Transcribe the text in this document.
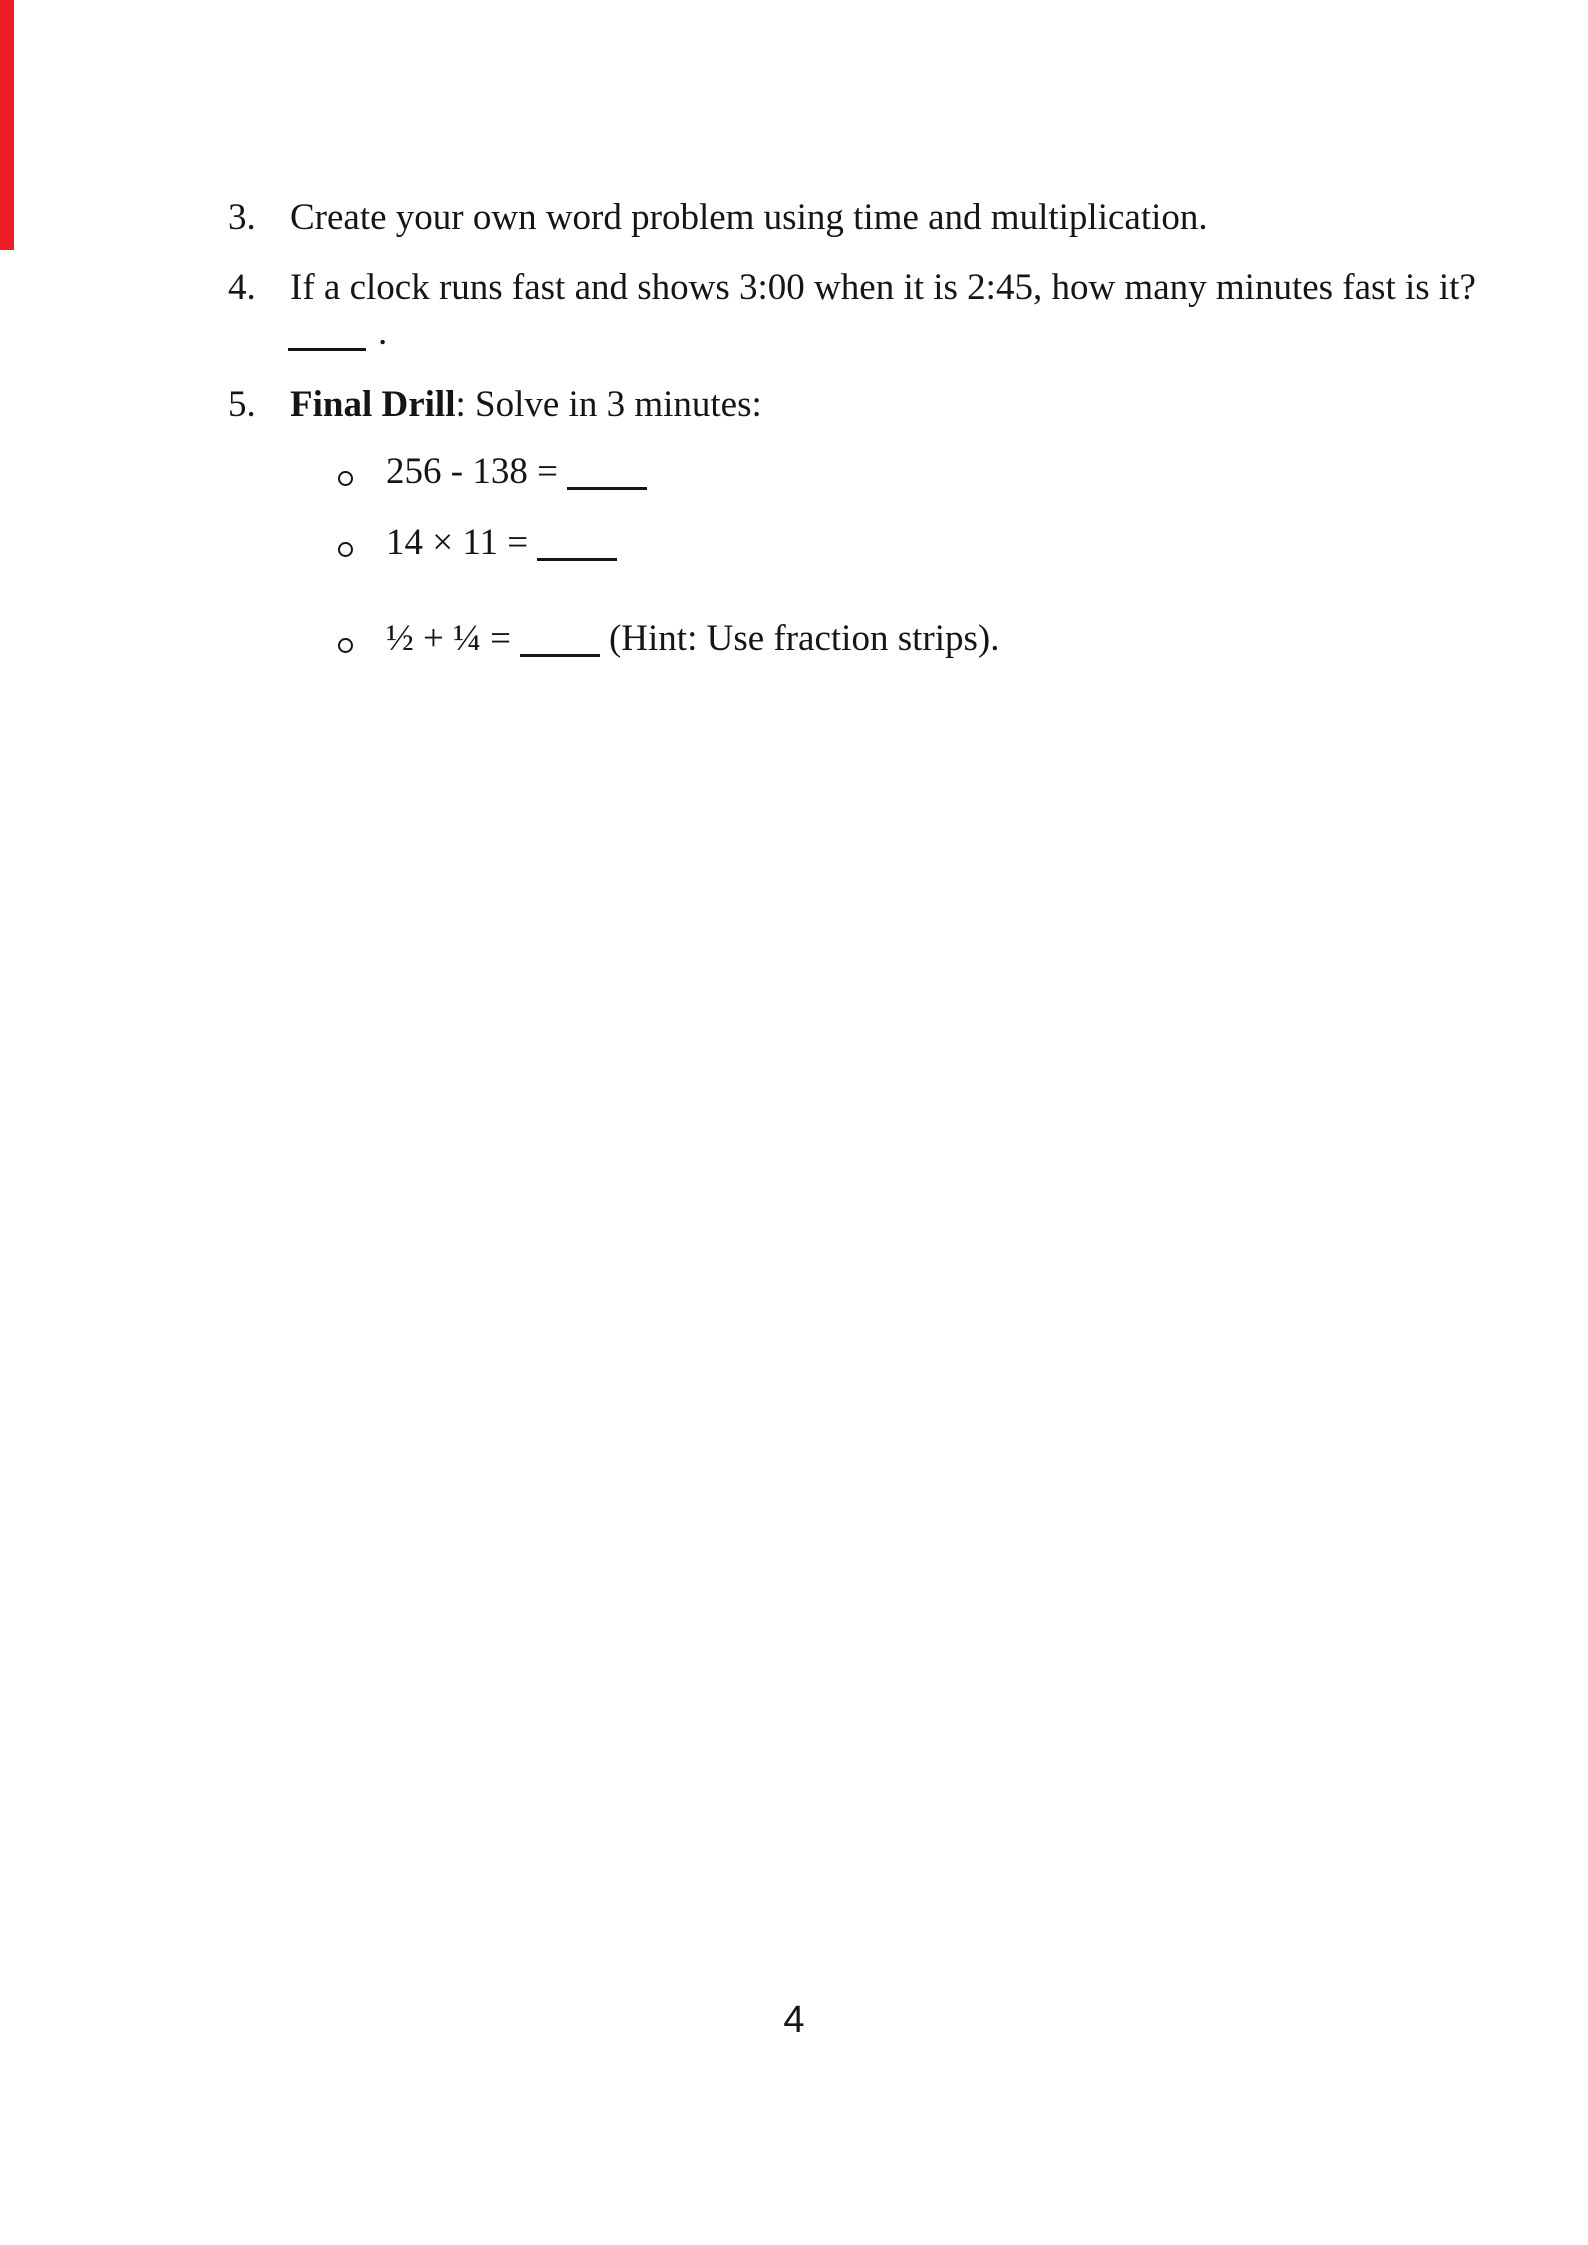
3. Create your own word problem using time and multiplication.
4. If a clock runs fast and shows 3:00 when it is 2:45, how many minutes fast is it?
.
5. Final Drill: Solve in 3 minutes:
256 - 138 =
14 × 11 =
½ + ¼ =	(Hint: Use fraction strips).
4
